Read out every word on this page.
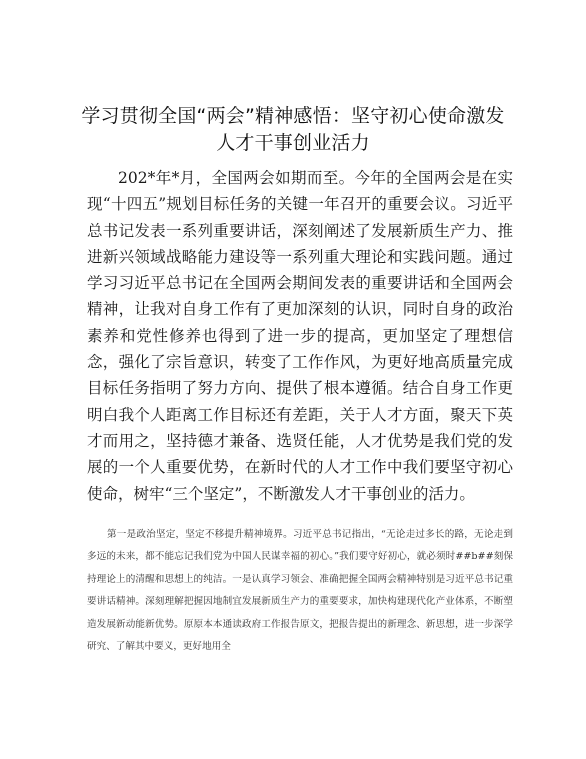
学习贯彻全国“两会”精神感悟：坚守初心使命激发人才干事创业活力

202*年*月，全国两会如期而至。今年的全国两会是在实现“十四五”规划目标任务的关键一年召开的重要会议。习近平总书记发表一系列重要讲话，深刻阐述了发展新质生产力、推进新兴领域战略能力建设等一系列重大理论和实践问题。通过学习习近平总书记在全国两会期间发表的重要讲话和全国两会精神，让我对自身工作有了更加深刻的认识，同时自身的政治素养和党性修养也得到了进一步的提高，更加坚定了理想信念，强化了宗旨意识，转变了工作作风，为更好地高质量完成目标任务指明了努力方向、提供了根本遵循。结合自身工作更明白我个人距离工作目标还有差距，关于人才方面，聚天下英才而用之，坚持德才兼备、选贤任能，人才优势是我们党的发展的一个人重要优势，在新时代的人才工作中我们要坚守初心使命，树牢“三个坚定”，不断激发人才干事创业的活力。

第一是政治坚定，坚定不移提升精神境界。习近平总书记指出，“无论走过多长的路，无论走到多远的未来，都不能忘记我们党为中国人民谋幸福的初心。”我们要守好初心，就必须时##b##刻保持理论上的清醒和思想上的纯洁。一是认真学习领会、准确把握全国两会精神特别是习近平总书记重要讲话精神。深刻理解把握因地制宜发展新质生产力的重要要求，加快构建现代化产业体系，不断塑造发展新动能新优势。原原本本通读政府工作报告原文，把报告提出的新理念、新思想，进一步深学研究、了解其中要义，更好地用全
